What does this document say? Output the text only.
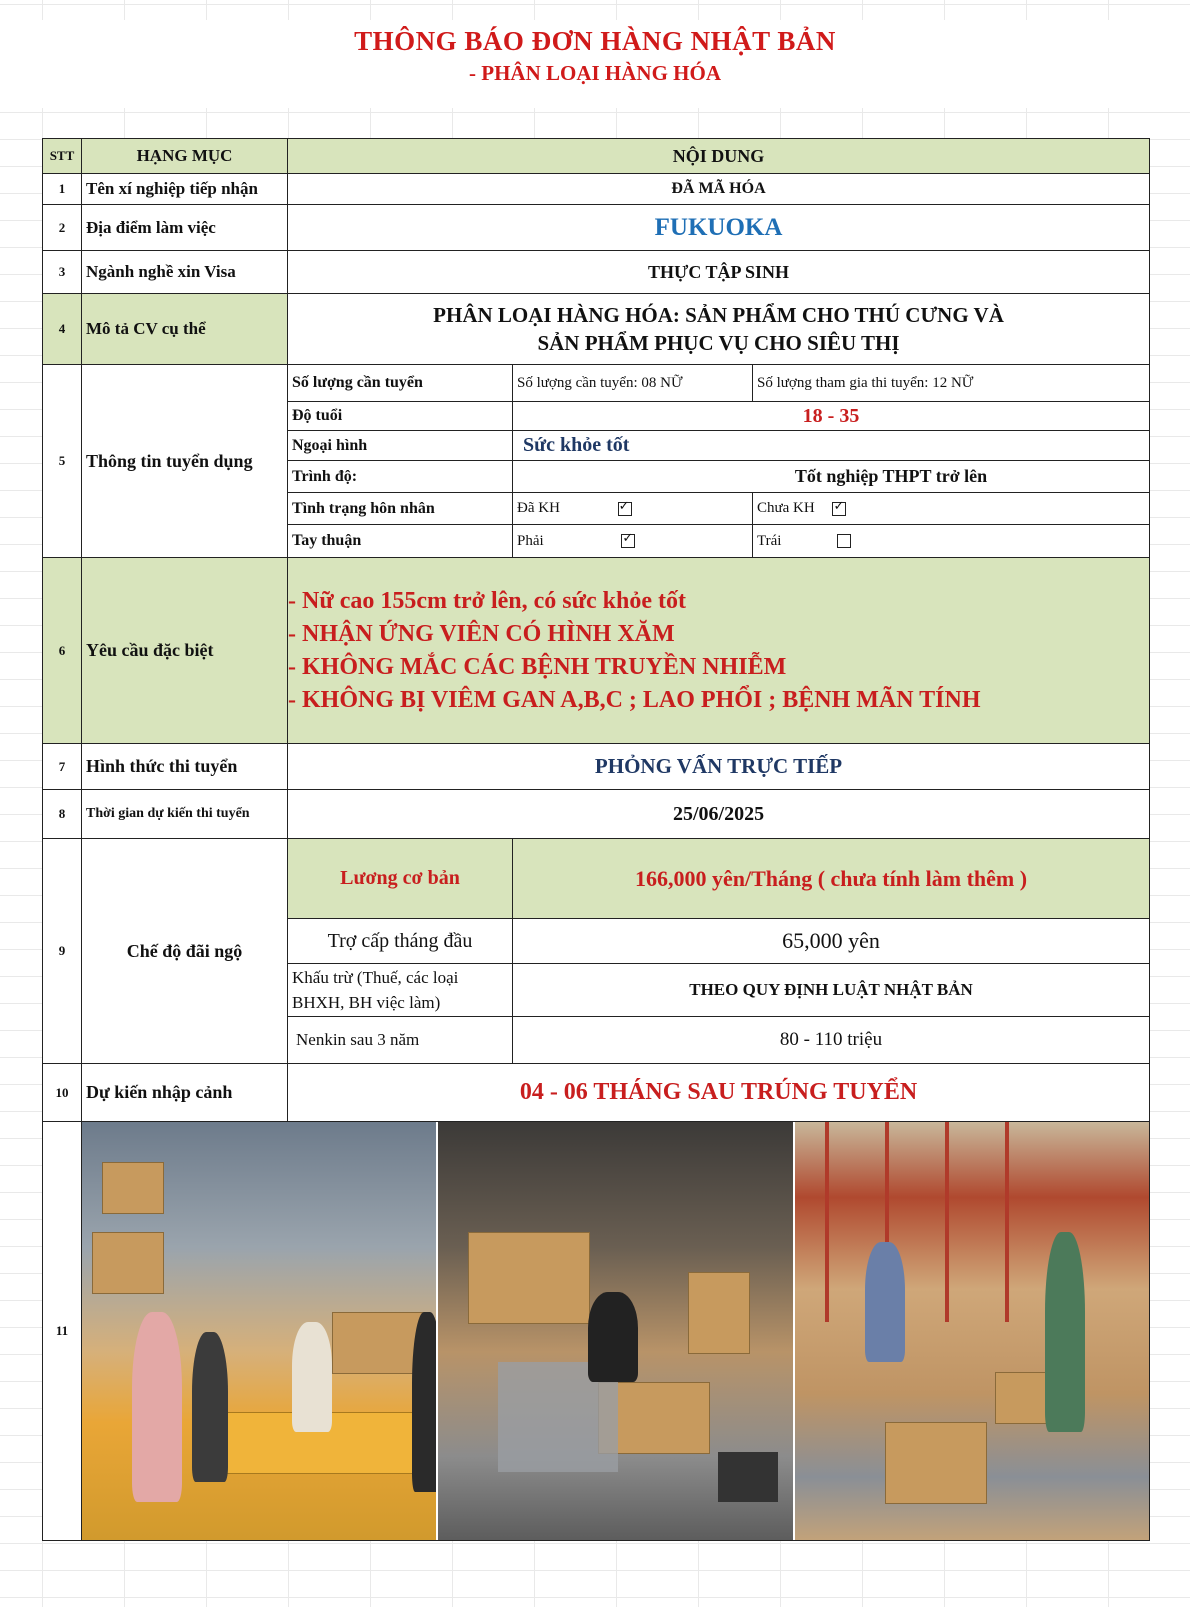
THÔNG BÁO ĐƠN HÀNG NHẬT BẢN
- PHÂN LOẠI HÀNG HÓA
STT	HẠNG MỤC	NỘI DUNG		
1	Tên xí nghiệp tiếp nhận	ĐÃ MÃ HÓA		
2	Địa điểm làm việc	FUKUOKA		
3	Ngành nghề xin Visa	THỰC TẬP SINH		
4	Mô tả CV cụ thể	PHÂN LOẠI HÀNG HÓA: SẢN PHẨM CHO THÚ CƯNG VÀ
SẢN PHẨM PHỤC VỤ CHO SIÊU THỊ		

5	Thông tin tuyển dụng	Số lượng cần tuyển	Số lượng cần tuyển: 08 NỮ	Số lượng tham gia thi tuyển: 12 NỮ
		Độ tuổi	18 - 35	
		Ngoại hình	Sức khỏe tốt	
		Trình độ:	Tốt nghiệp THPT trở lên	
		Tình trạng hôn nhân	Đã KH ✓	Chưa KH ✓
		Tay thuận	Phải ✓	Trái
6	Yêu cầu đặc biệt	- Nữ cao 155cm trở lên, có sức khỏe tốt
- NHẬN ỨNG VIÊN CÓ HÌNH XĂM
- KHÔNG MẮC CÁC BỆNH TRUYỀN NHIỄM
- KHÔNG BỊ VIÊM GAN A,B,C ; LAO PHỔI ; BỆNH MÃN TÍNH		

7	Hình thức thi tuyển	PHỎNG VẤN TRỰC TIẾP		
8	Thời gian dự kiến thi tuyển	25/06/2025		
9	Chế độ đãi ngộ	Lương cơ bản	166,000 yên/Tháng ( chưa tính làm thêm )	
		Trợ cấp tháng đầu	65,000 yên	
		Khấu trừ (Thuế, các loại BHXH, BH việc làm)	THEO QUY ĐỊNH LUẬT NHẬT BẢN	
		Nenkin sau 3 năm	80 - 110 triệu	
10	Dự kiến nhập cảnh	04 - 06 THÁNG SAU TRÚNG TUYỂN		
11				
